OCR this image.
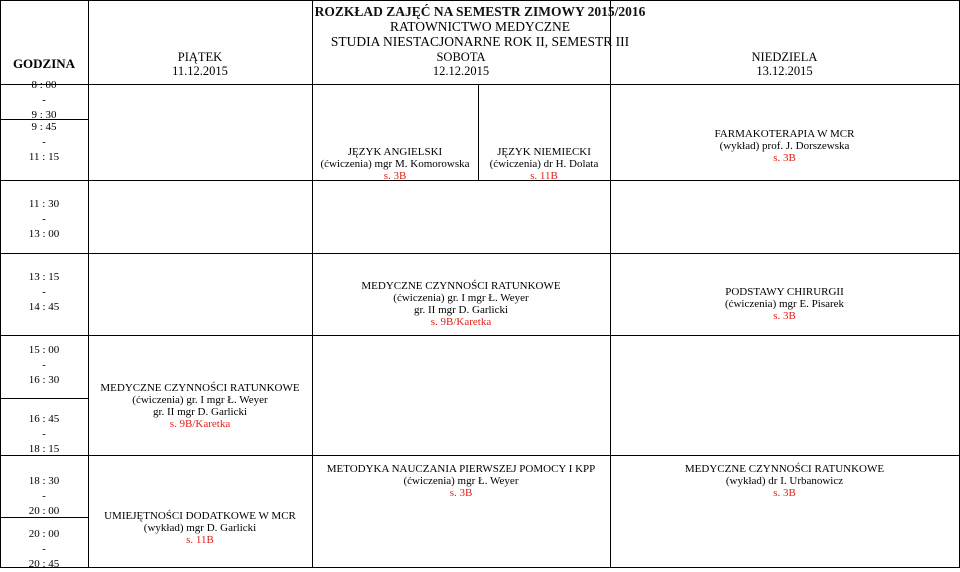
ROZKŁAD ZAJĘĆ NA SEMESTR ZIMOWY 2015/2016
RATOWNICTWO MEDYCZNE
STUDIA NIESTACJONARNE ROK II, SEMESTR III
GODZINA	PIĄTEK
11.12.2015
SOBOTA
12.12.2015
NIEDZIELA
13.12.2015
8 : 00
-
9 : 30
9 : 45
-
11 : 15
11 : 30
-
13 : 00
13 : 15
-
14 : 45
15 : 00
-
16 : 30
16 : 45
-
18 : 15
18 : 30
-
20 : 00
20 : 00
-
20 : 45
JĘZYK ANGIELSKI
(ćwiczenia) mgr M. Komorowska
s. 3B
JĘZYK NIEMIECKI
(ćwiczenia) dr H. Dolata
s. 11B
FARMAKOTERAPIA W MCR
(wykład) prof. J. Dorszewska
s. 3B
MEDYCZNE CZYNNOŚCI RATUNKOWE
(ćwiczenia) gr. I mgr Ł. Weyer
gr. II mgr D. Garlicki
s. 9B/Karetka
PODSTAWY CHIRURGII
(ćwiczenia) mgr E. Pisarek
s. 3B
MEDYCZNE CZYNNOŚCI RATUNKOWE
(ćwiczenia) gr. I mgr Ł. Weyer
gr. II mgr D. Garlicki
s. 9B/Karetka
METODYKA NAUCZANIA PIERWSZEJ POMOCY I KPP
(ćwiczenia) mgr Ł. Weyer
s. 3B
MEDYCZNE CZYNNOŚCI RATUNKOWE
(wykład) dr I. Urbanowicz
s. 3B
UMIEJĘTNOŚCI DODATKOWE W MCR
(wykład) mgr D. Garlicki
s. 11B
